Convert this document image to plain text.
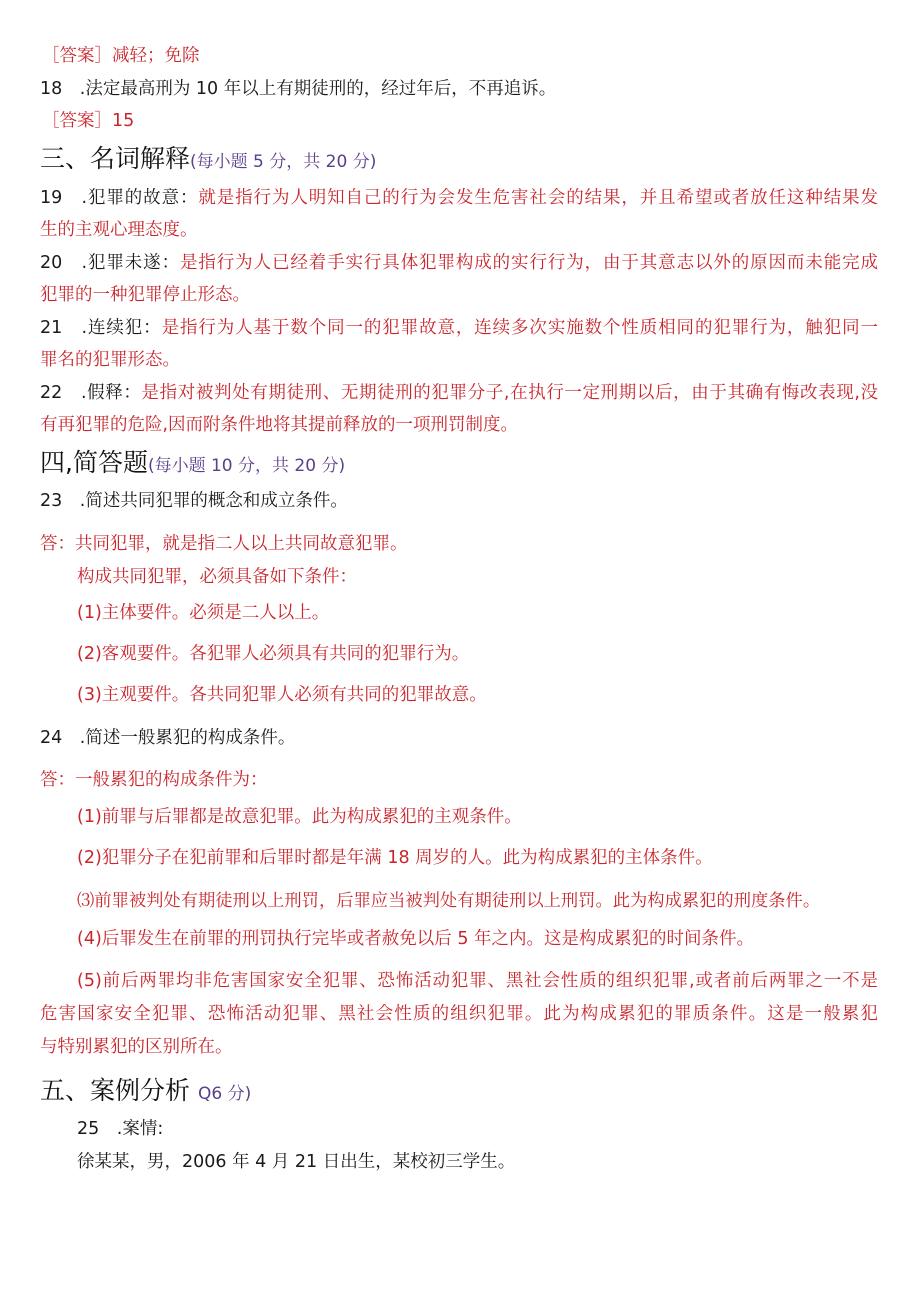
［答案］减轻；免除
18　.法定最高刑为 10 年以上有期徒刑的，经过年后，不再追诉。
［答案］15
三、名词解释(每小题 5 分，共 20 分)
19　.犯罪的故意：就是指行为人明知自己的行为会发生危害社会的结果，并且希望或者放任这种结果发
生的主观心理态度。
20　.犯罪未遂：是指行为人已经着手实行具体犯罪构成的实行行为，由于其意志以外的原因而未能完成
犯罪的一种犯罪停止形态。
21　.连续犯：是指行为人基于数个同一的犯罪故意，连续多次实施数个性质相同的犯罪行为，触犯同一
罪名的犯罪形态。
22　.假释：是指对被判处有期徒刑、无期徒刑的犯罪分子,在执行一定刑期以后，由于其确有悔改表现,没
有再犯罪的危险,因而附条件地将其提前释放的一项刑罚制度。
四,简答题(每小题 10 分，共 20 分)
23　.简述共同犯罪的概念和成立条件。
答：共同犯罪，就是指二人以上共同故意犯罪。
构成共同犯罪，必须具备如下条件：
(1)主体要件。必须是二人以上。
(2)客观要件。各犯罪人必须具有共同的犯罪行为。
(3)主观要件。各共同犯罪人必须有共同的犯罪故意。
24　.简述一般累犯的构成条件。
答：一般累犯的构成条件为：
(1)前罪与后罪都是故意犯罪。此为构成累犯的主观条件。
(2)犯罪分子在犯前罪和后罪时都是年满 18 周岁的人。此为构成累犯的主体条件。
⑶前罪被判处有期徒刑以上刑罚，后罪应当被判处有期徒刑以上刑罚。此为构成累犯的刑度条件。
(4)后罪发生在前罪的刑罚执行完毕或者赦免以后 5 年之内。这是构成累犯的时间条件。
(5)前后两罪均非危害国家安全犯罪、恐怖活动犯罪、黑社会性质的组织犯罪,或者前后两罪之一不是
危害国家安全犯罪、恐怖活动犯罪、黑社会性质的组织犯罪。此为构成累犯的罪质条件。这是一般累犯
与特别累犯的区别所在。
五、案例分析 Q6 分)
25　.案情:
徐某某，男，2006 年 4 月 21 日出生，某校初三学生。
